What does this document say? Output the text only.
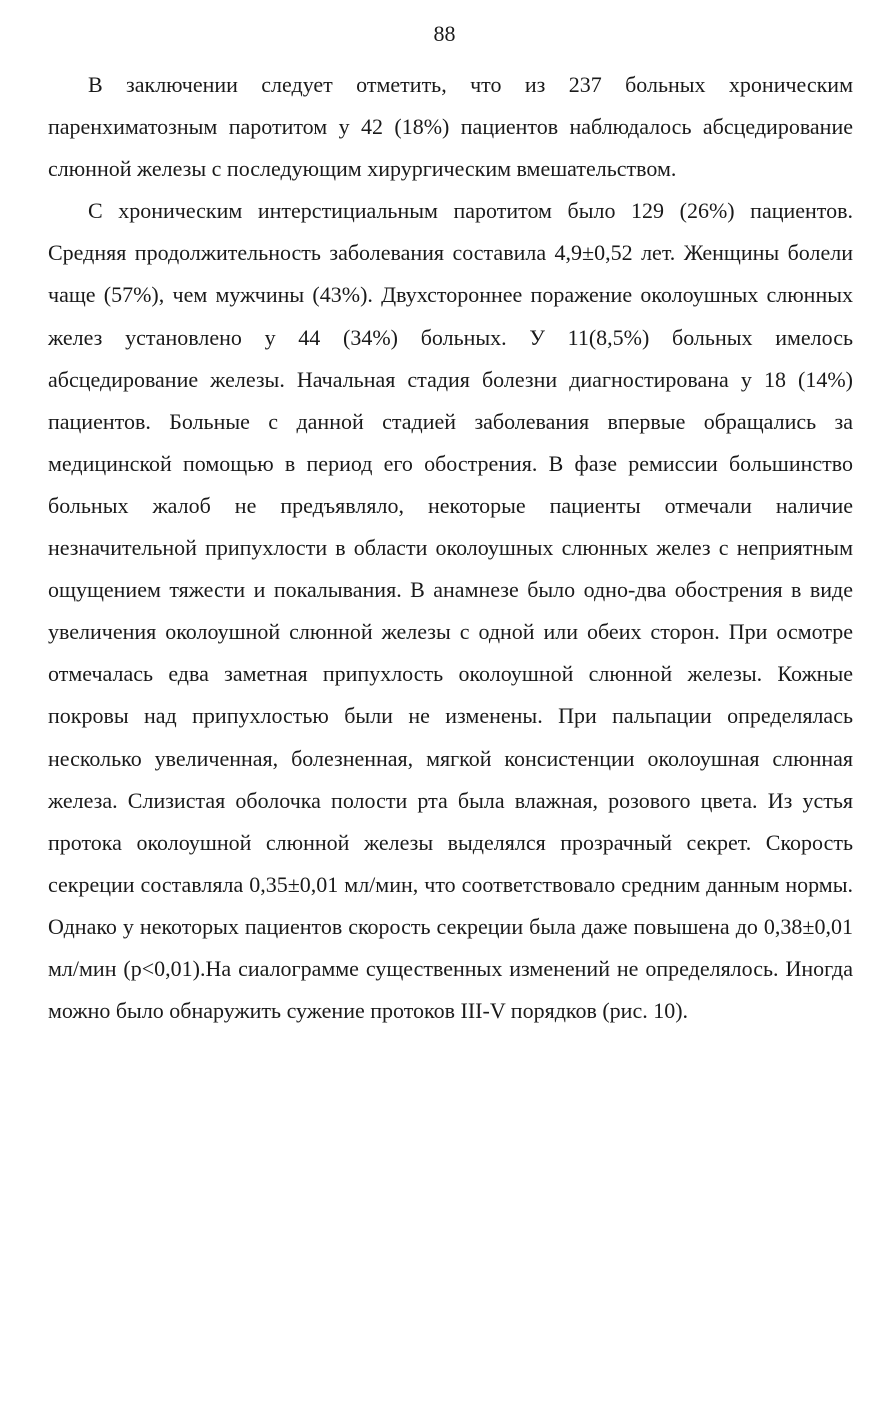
88

В заключении следует отметить, что из 237 больных хроническим паренхиматозным паротитом у 42 (18%) пациентов наблюдалось абсцедирование слюнной железы с последующим хирургическим вмешательством.

С хроническим интерстициальным паротитом было 129 (26%) пациентов. Средняя продолжительность заболевания составила 4,9±0,52 лет. Женщины болели чаще (57%), чем мужчины (43%). Двухстороннее поражение околоушных слюнных желез установлено у 44 (34%) больных. У 11(8,5%) больных имелось абсцедирование железы. Начальная стадия болезни диагностирована у 18 (14%) пациентов. Больные с данной стадией заболевания впервые обращались за медицинской помощью в период его обострения. В фазе ремиссии большинство больных жалоб не предъявляло, некоторые пациенты отмечали наличие незначительной припухлости в области околоушных слюнных желез с неприятным ощущением тяжести и покалывания. В анамнезе было одно-два обострения в виде увеличения околоушной слюнной железы с одной или обеих сторон. При осмотре отмечалась едва заметная припухлость околоушной слюнной железы. Кожные покровы над припухлостью были не изменены. При пальпации определялась несколько увеличенная, болезненная, мягкой консистенции околоушная слюнная железа. Слизистая оболочка полости рта была влажная, розового цвета. Из устья протока околоушной слюнной железы выделялся прозрачный секрет. Скорость секреции составляла 0,35±0,01 мл/мин, что соответствовало средним данным нормы. Однако у некоторых пациентов скорость секреции была даже повышена до 0,38±0,01 мл/мин (р<0,01).На сиалограмме существенных изменений не определялось. Иногда можно было обнаружить сужение протоков III-V порядков (рис. 10).
